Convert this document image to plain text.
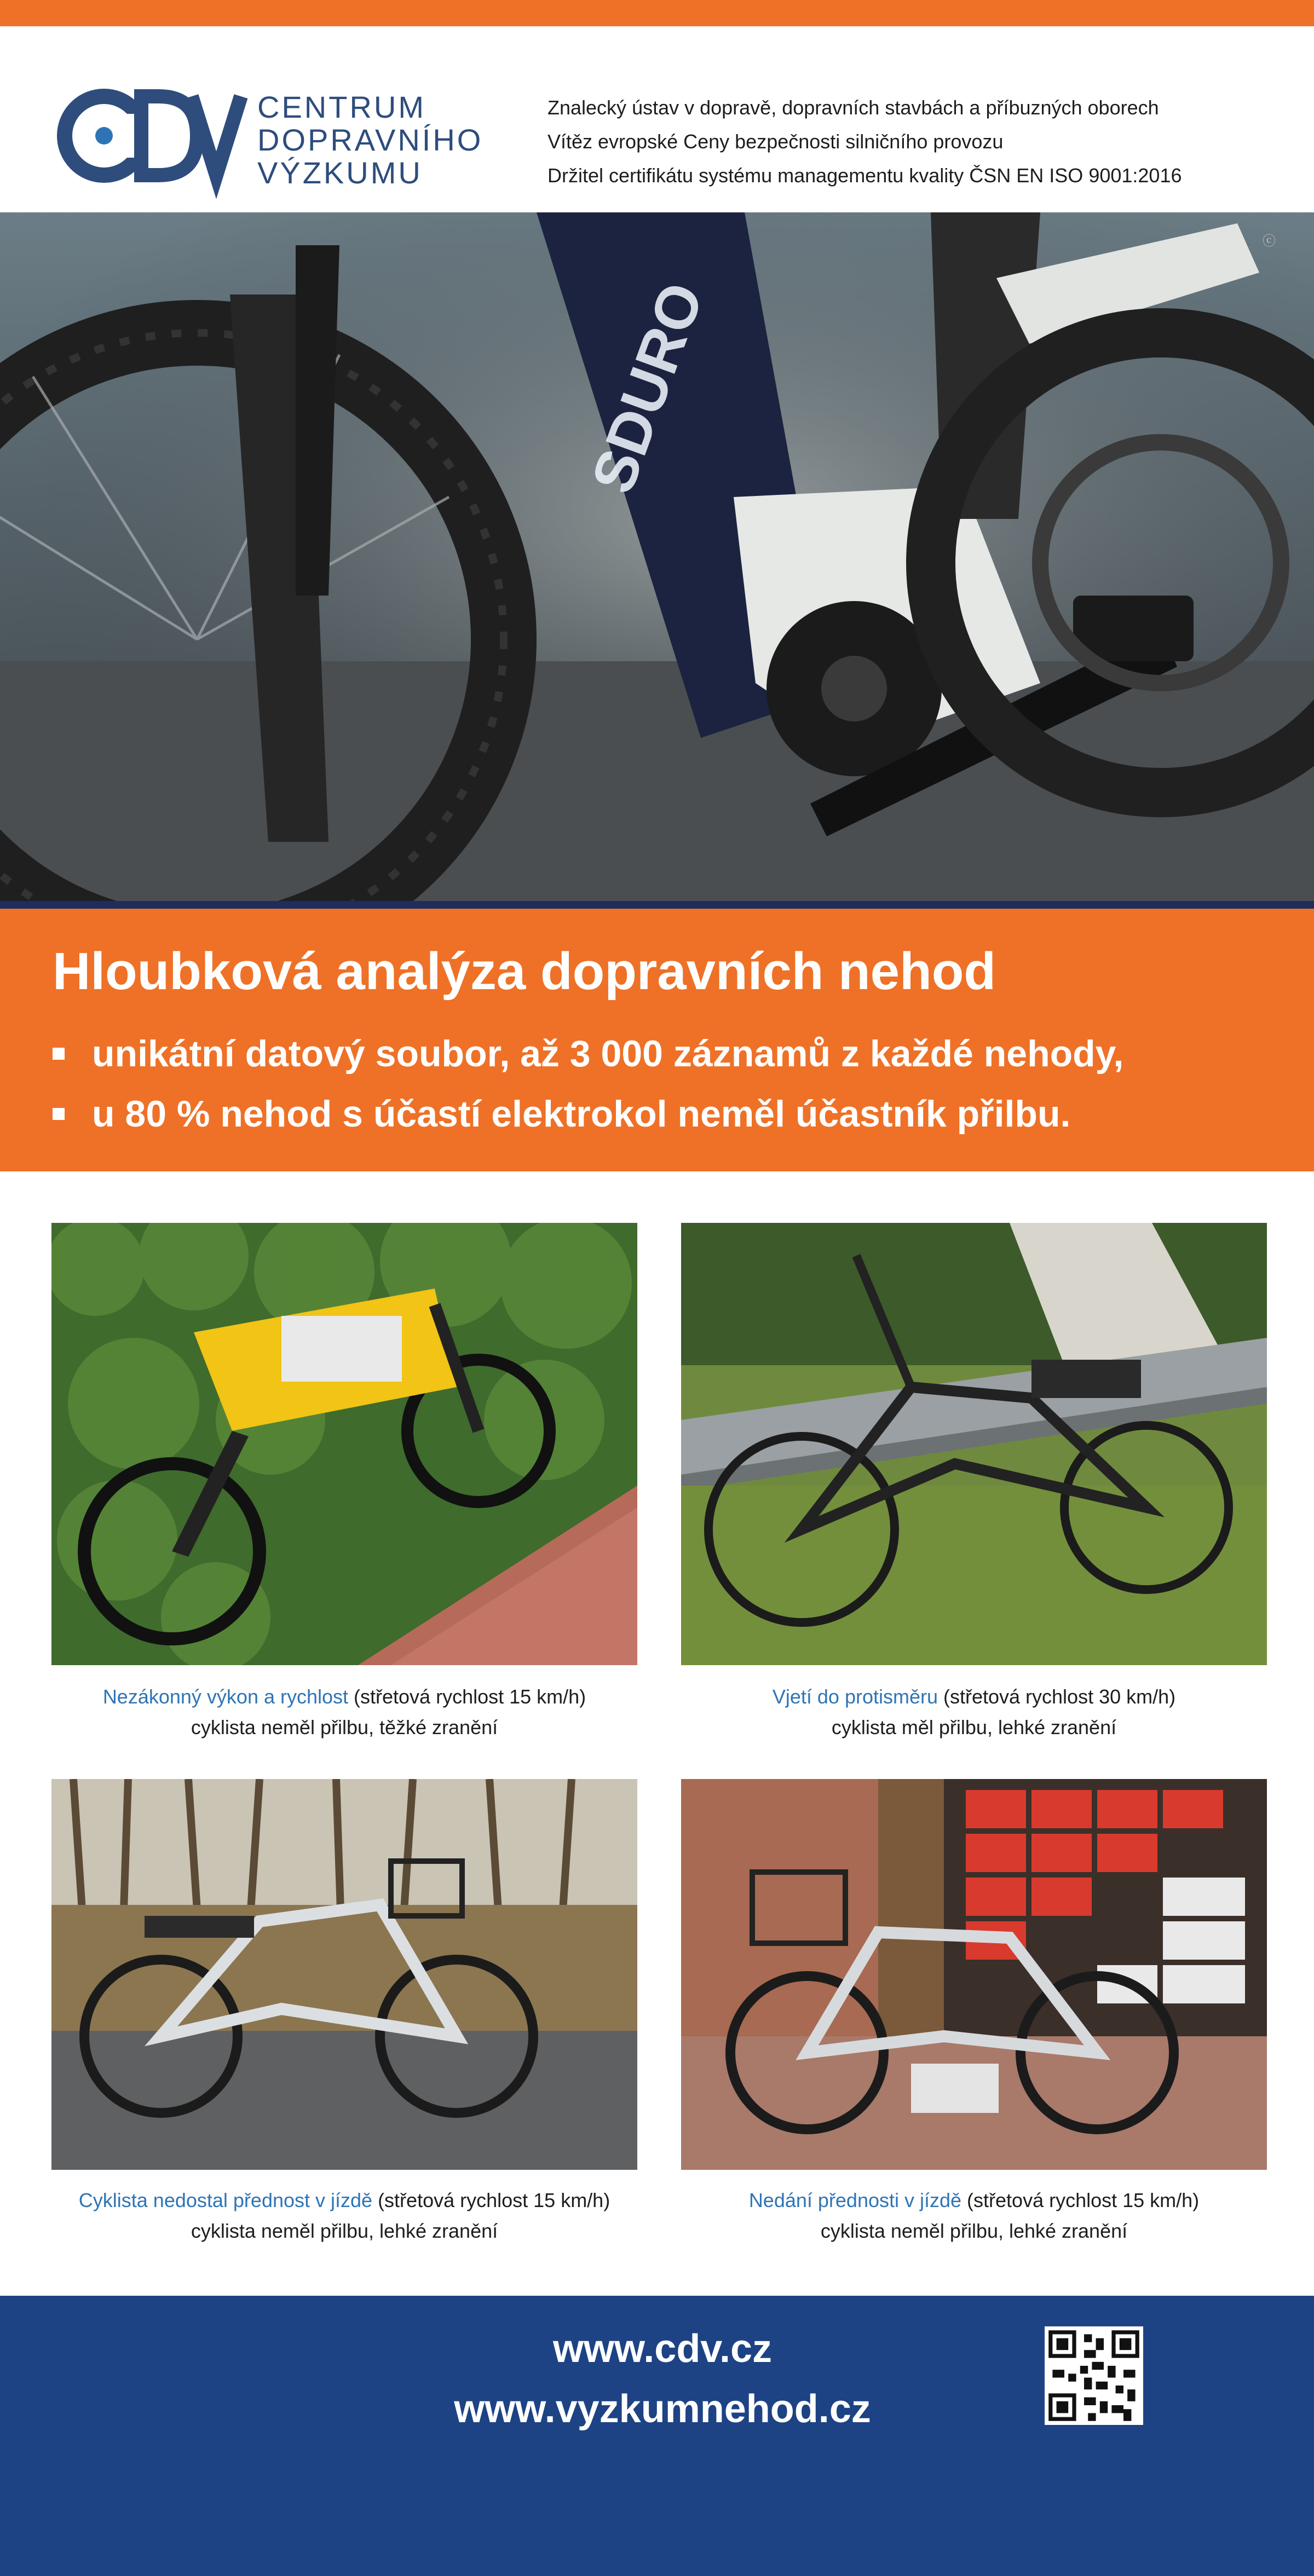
CENTRUM
DOPRAVNÍHO
VÝZKUMU
Znalecký ústav v dopravě, dopravních stavbách a příbuzných oborech
Vítěz evropské Ceny bezpečnosti silničního provozu
Držitel certifikátu systému managementu kvality ČSN EN ISO 9001:2016
SDURO
ⓒ
Hloubková analýza dopravních nehod
unikátní datový soubor, až 3 000 záznamů z každé nehody,
u 80 % nehod s účastí elektrokol neměl účastník přilbu.
Nezákonný výkon a rychlost (střetová rychlost 15 km/h)
cyklista neměl přilbu, těžké zranění
Vjetí do protisměru (střetová rychlost 30 km/h)
cyklista měl přilbu, lehké zranění
Cyklista nedostal přednost v jízdě (střetová rychlost 15 km/h)
cyklista neměl přilbu, lehké zranění
Nedání přednosti v jízdě (střetová rychlost 15 km/h)
cyklista neměl přilbu, lehké zranění
www.cdv.cz
www.vyzkumnehod.cz
